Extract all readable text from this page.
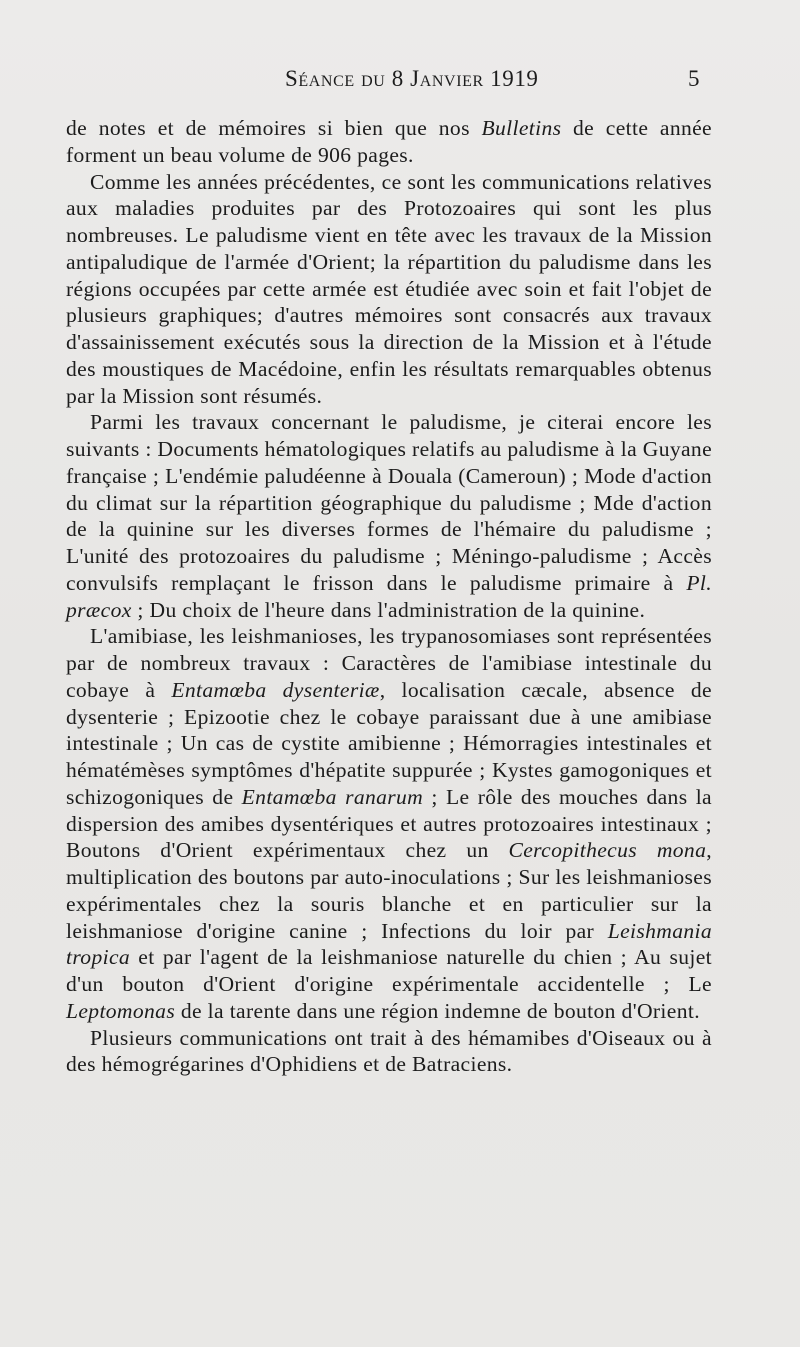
Séance du 8 Janvier 1919	5

de notes et de mémoires si bien que nos Bulletins de cette année forment un beau volume de 906 pages.

Comme les années précédentes, ce sont les communications relatives aux maladies produites par des Protozoaires qui sont les plus nombreuses. Le paludisme vient en tête avec les travaux de la Mission antipaludique de l'armée d'Orient; la répartition du paludisme dans les régions occupées par cette armée est étudiée avec soin et fait l'objet de plusieurs graphiques; d'autres mémoires sont consacrés aux travaux d'assainissement exécutés sous la direction de la Mission et à l'étude des moustiques de Macédoine, enfin les résultats remarquables obtenus par la Mission sont résumés.

Parmi les travaux concernant le paludisme, je citerai encore les suivants : Documents hématologiques relatifs au paludisme à la Guyane française ; L'endémie paludéenne à Douala (Cameroun) ; Mode d'action du climat sur la répartition géographique du paludisme ; Mde d'action de la quinine sur les diverses formes de l'hémaire du paludisme ; L'unité des protozoaires du paludisme ; Méningo-paludisme ; Accès convulsifs remplaçant le frisson dans le paludisme primaire à Pl. præcox ; Du choix de l'heure dans l'administration de la quinine.

L'amibiase, les leishmanioses, les trypanosomiases sont représentées par de nombreux travaux : Caractères de l'amibiase intestinale du cobaye à Entamœba dysenteriæ, localisation cæcale, absence de dysenterie ; Epizootie chez le cobaye paraissant due à une amibiase intestinale ; Un cas de cystite amibienne ; Hémorragies intestinales et hématémèses symptômes d'hépatite suppurée ; Kystes gamogoniques et schizogoniques de Entamœba ranarum ; Le rôle des mouches dans la dispersion des amibes dysentériques et autres protozoaires intestinaux ; Boutons d'Orient expérimentaux chez un Cercopithecus mona, multiplication des boutons par auto-inoculations ; Sur les leishmanioses expérimentales chez la souris blanche et en particulier sur la leishmaniose d'origine canine ; Infections du loir par Leishmania tropica et par l'agent de la leishmaniose naturelle du chien ; Au sujet d'un bouton d'Orient d'origine expérimentale accidentelle ; Le Leptomonas de la tarente dans une région indemne de bouton d'Orient.

Plusieurs communications ont trait à des hémamibes d'Oiseaux ou à des hémogrégarines d'Ophidiens et de Batraciens.
